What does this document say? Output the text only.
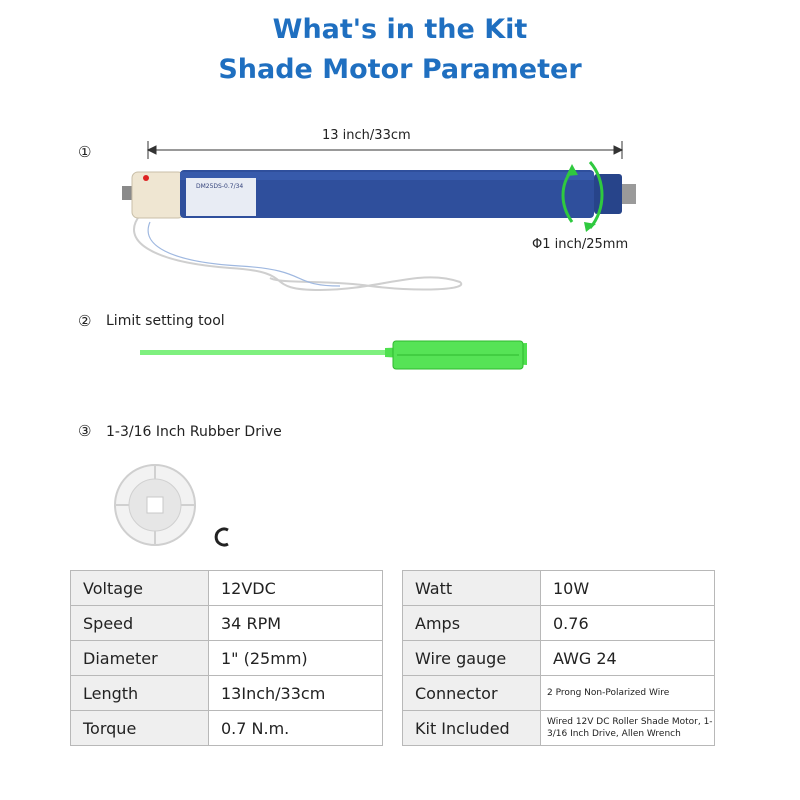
What's in the Kit
Shade Motor Parameter
①
13 inch/33cm
Φ1 inch/25mm
DM25DS-0.7/34
② Limit setting tool
③ 1-3/16 Inch Rubber Drive
Voltage	12VDC
Speed	34 RPM
Diameter	1" (25mm)
Length	13Inch/33cm
Torque	0.7 N.m.
Watt	10W
Amps	0.76
Wire gauge	AWG 24
Connector	2 Prong Non-Polarized Wire
Kit Included	Wired 12V DC Roller Shade Motor, 1-3/16 Inch Drive, Allen Wrench
